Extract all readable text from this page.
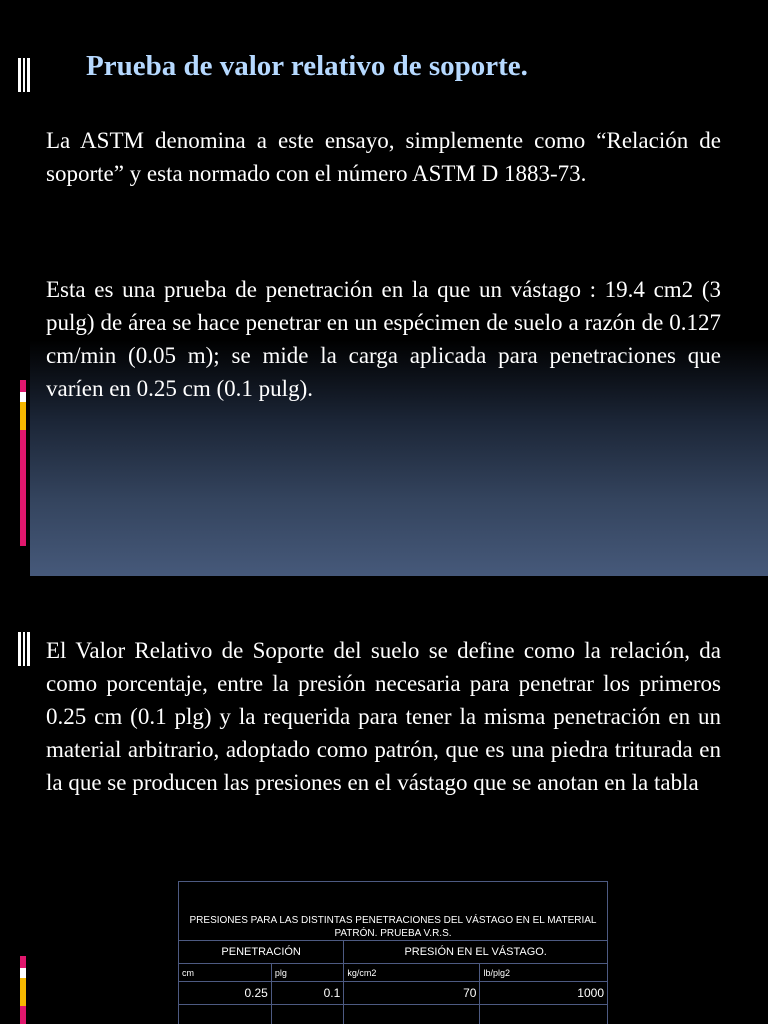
Prueba de valor relativo de soporte.

La ASTM denomina a este ensayo, simplemente como “Relación de soporte” y esta normado con el número ASTM D 1883-73.

Esta es una prueba de penetración en la que un vástago : 19.4 cm2 (3 pulg) de área se hace penetrar en un espécimen de suelo a razón de 0.127 cm/min (0.05 m); se mide la carga aplicada para penetraciones que varíen en 0.25 cm (0.1 pulg).

El Valor Relativo de Soporte del suelo se define como la relación, da como porcentaje, entre la presión necesaria para penetrar los primeros 0.25 cm (0.1 plg) y la requerida para tener la misma penetración en un material arbitrario, adoptado como patrón, que es una piedra triturada en la que se producen las presiones en el vástago que se anotan en la tabla

PRESIONES PARA LAS DISTINTAS PENETRACIONES DEL VÁSTAGO EN EL MATERIAL PATRÓN. PRUEBA V.R.S.			
PENETRACIÓN		PRESIÓN EN EL VÁSTAGO.	
cm	plg	kg/cm2	lb/plg2
0.25	0.1	70	1000
